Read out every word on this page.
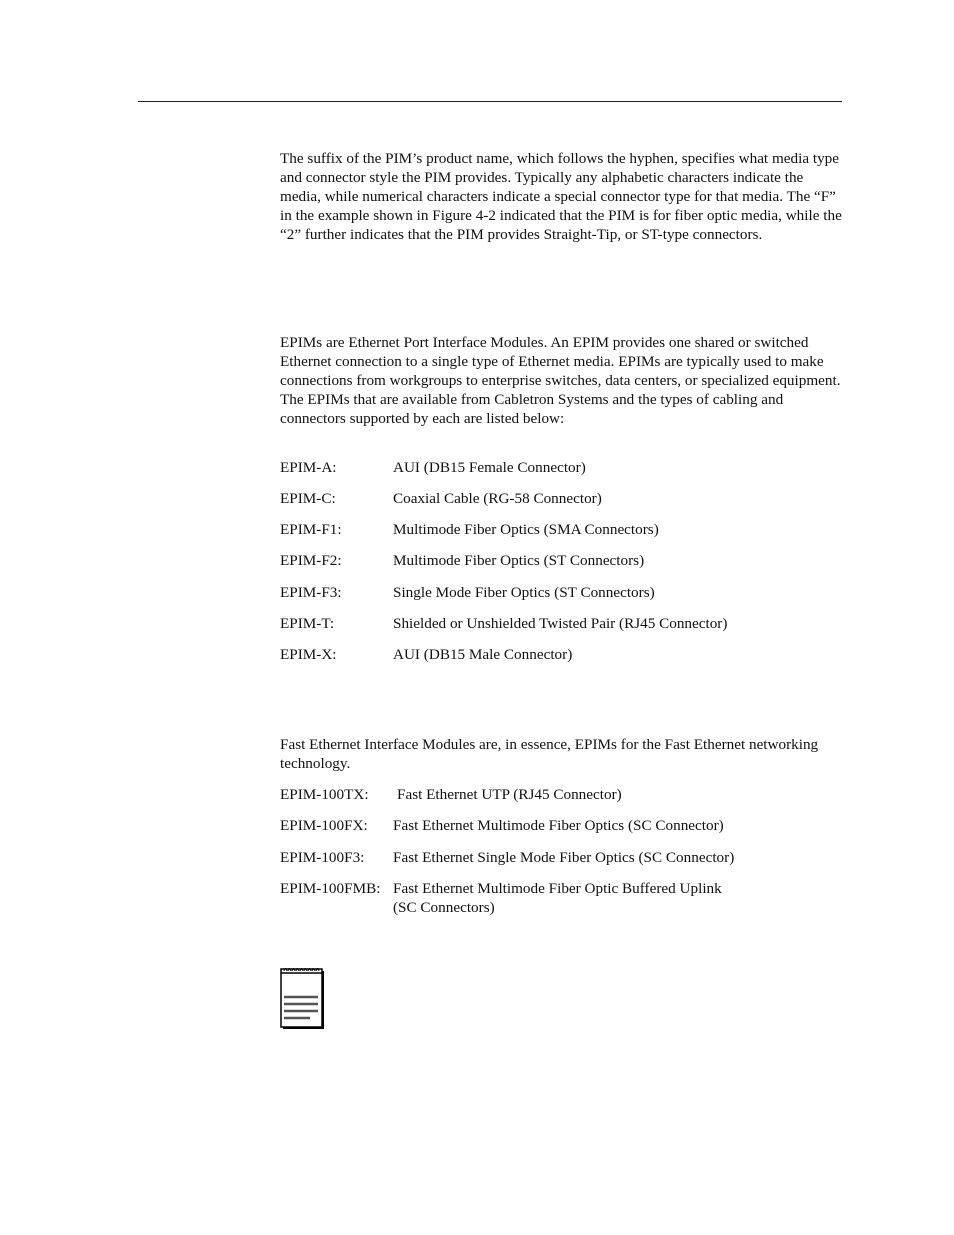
The suffix of the PIM’s product name, which follows the hyphen, specifies what media type and connector style the PIM provides. Typically any alphabetic characters indicate the media, while numerical characters indicate a special connector type for that media. The “F” in the example shown in Figure 4-2 indicated that the PIM is for fiber optic media, while the “2” further indicates that the PIM provides Straight-Tip, or ST-type connectors.

EPIMs are Ethernet Port Interface Modules. An EPIM provides one shared or switched Ethernet connection to a single type of Ethernet media. EPIMs are typically used to make connections from workgroups to enterprise switches, data centers, or specialized equipment. The EPIMs that are available from Cabletron Systems and the types of cabling and connectors supported by each are listed below:

EPIM-A:	AUI (DB15 Female Connector)
EPIM-C:	Coaxial Cable (RG-58 Connector)
EPIM-F1:	Multimode Fiber Optics (SMA Connectors)
EPIM-F2:	Multimode Fiber Optics (ST Connectors)
EPIM-F3:	Single Mode Fiber Optics (ST Connectors)
EPIM-T:	Shielded or Unshielded Twisted Pair (RJ45 Connector)
EPIM-X:	AUI (DB15 Male Connector)

Fast Ethernet Interface Modules are, in essence, EPIMs for the Fast Ethernet networking technology.

EPIM-100TX:	Fast Ethernet UTP (RJ45 Connector)
EPIM-100FX:	Fast Ethernet Multimode Fiber Optics (SC Connector)
EPIM-100F3:	Fast Ethernet Single Mode Fiber Optics (SC Connector)
EPIM-100FMB: Fast Ethernet Multimode Fiber Optic Buffered Uplink
(SC Connectors)
